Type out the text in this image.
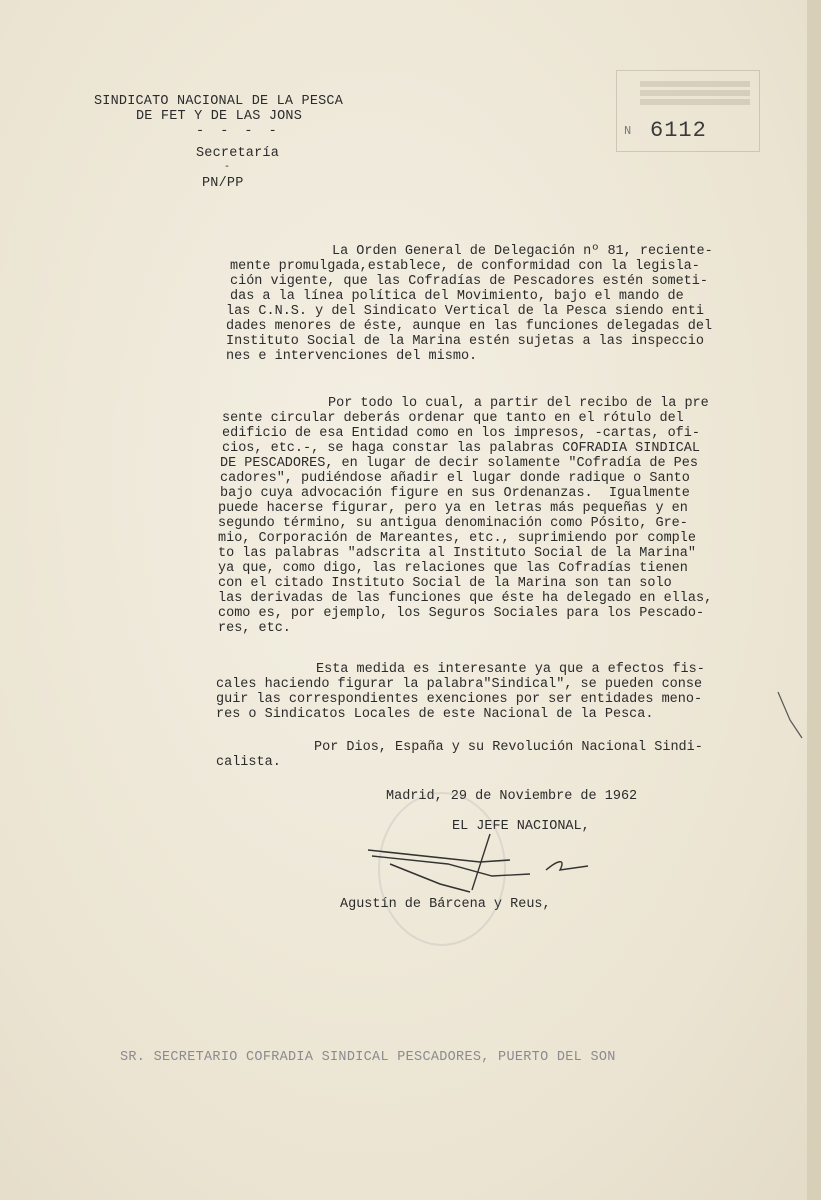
SINDICATO NACIONAL DE LA PESCA
DE FET Y DE LAS JONS
- - - -
Secretaría
-
PN/PP
N 6112
La Orden General de Delegación nº 81, reciente-
mente promulgada,establece, de conformidad con la legisla-
ción vigente, que las Cofradías de Pescadores estén someti-
das a la línea política del Movimiento, bajo el mando de
las C.N.S. y del Sindicato Vertical de la Pesca siendo enti
dades menores de éste, aunque en las funciones delegadas del
Instituto Social de la Marina estén sujetas a las inspeccio
nes e intervenciones del mismo.
Por todo lo cual, a partir del recibo de la pre
sente circular deberás ordenar que tanto en el rótulo del
edificio de esa Entidad como en los impresos, -cartas, ofi-
cios, etc.-, se haga constar las palabras COFRADIA SINDICAL
DE PESCADORES, en lugar de decir solamente "Cofradía de Pes
cadores", pudiéndose añadir el lugar donde radique o Santo
bajo cuya advocación figure en sus Ordenanzas.  Igualmente
puede hacerse figurar, pero ya en letras más pequeñas y en
segundo término, su antigua denominación como Pósito, Gre-
mio, Corporación de Mareantes, etc., suprimiendo por comple
to las palabras "adscrita al Instituto Social de la Marina"
ya que, como digo, las relaciones que las Cofradías tienen
con el citado Instituto Social de la Marina son tan solo
las derivadas de las funciones que éste ha delegado en ellas,
como es, por ejemplo, los Seguros Sociales para los Pescado-
res, etc.
Esta medida es interesante ya que a efectos fis-
cales haciendo figurar la palabra"Sindical", se pueden conse
guir las correspondientes exenciones por ser entidades meno-
res o Sindicatos Locales de este Nacional de la Pesca.
Por Dios, España y su Revolución Nacional Sindi-
calista.
Madrid, 29 de Noviembre de 1962
EL JEFE NACIONAL,
Agustín de Bárcena y Reus,
SR. SECRETARIO COFRADIA SINDICAL PESCADORES, PUERTO DEL SON
